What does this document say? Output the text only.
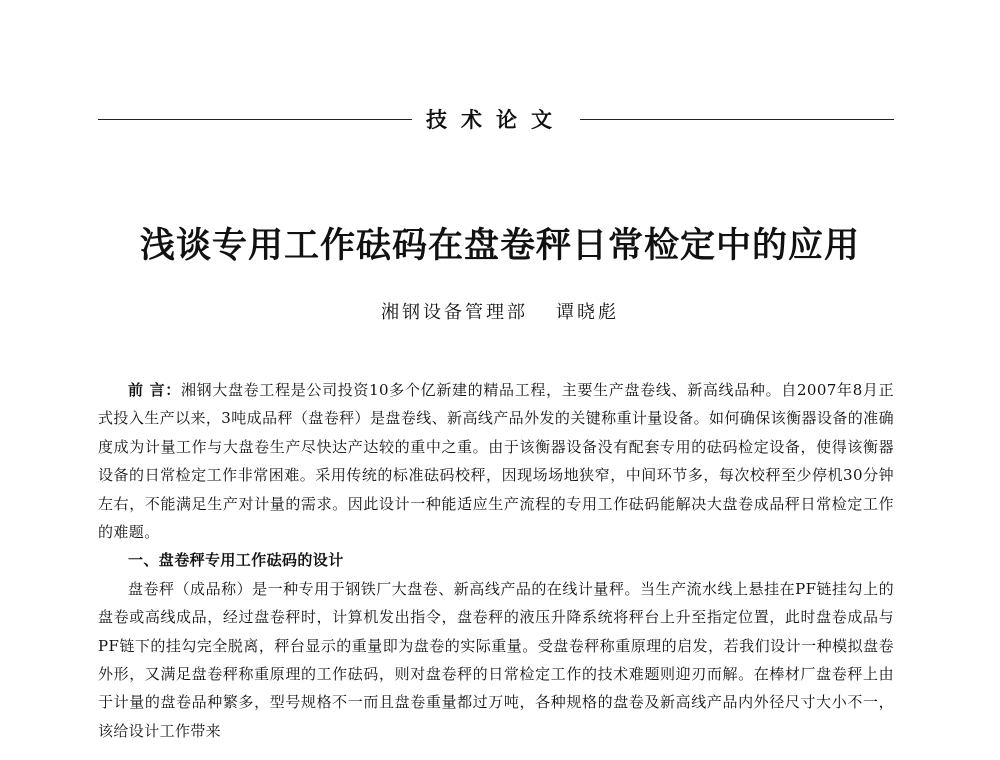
技术论文
浅谈专用工作砝码在盘卷秤日常检定中的应用
湘钢设备管理部 谭晓彪

前 言：湘钢大盘卷工程是公司投资10多个亿新建的精品工程，主要生产盘卷线、新高线品种。自2007年8月正式投入生产以来，3吨成品秤（盘卷秤）是盘卷线、新高线产品外发的关键称重计量设备。如何确保该衡器设备的准确度成为计量工作与大盘卷生产尽快达产达较的重中之重。由于该衡器设备没有配套专用的砝码检定设备，使得该衡器设备的日常检定工作非常困难。采用传统的标准砝码校秤，因现场场地狭窄，中间环节多，每次校秤至少停机30分钟左右，不能满足生产对计量的需求。因此设计一种能适应生产流程的专用工作砝码能解决大盘卷成品秤日常检定工作的难题。

一、盘卷秤专用工作砝码的设计

盘卷秤（成品称）是一种专用于钢铁厂大盘卷、新高线产品的在线计量秤。当生产流水线上悬挂在PF链挂勾上的盘卷或高线成品，经过盘卷秤时，计算机发出指令，盘卷秤的液压升降系统将秤台上升至指定位置，此时盘卷成品与PF链下的挂勾完全脱离，秤台显示的重量即为盘卷的实际重量。受盘卷秤称重原理的启发，若我们设计一种模拟盘卷外形，又满足盘卷秤称重原理的工作砝码，则对盘卷秤的日常检定工作的技术难题则迎刃而解。在棒材厂盘卷秤上由于计量的盘卷品种繁多，型号规格不一而且盘卷重量都过万吨，各种规格的盘卷及新高线产品内外径尺寸大小不一，该给设计工作带来
